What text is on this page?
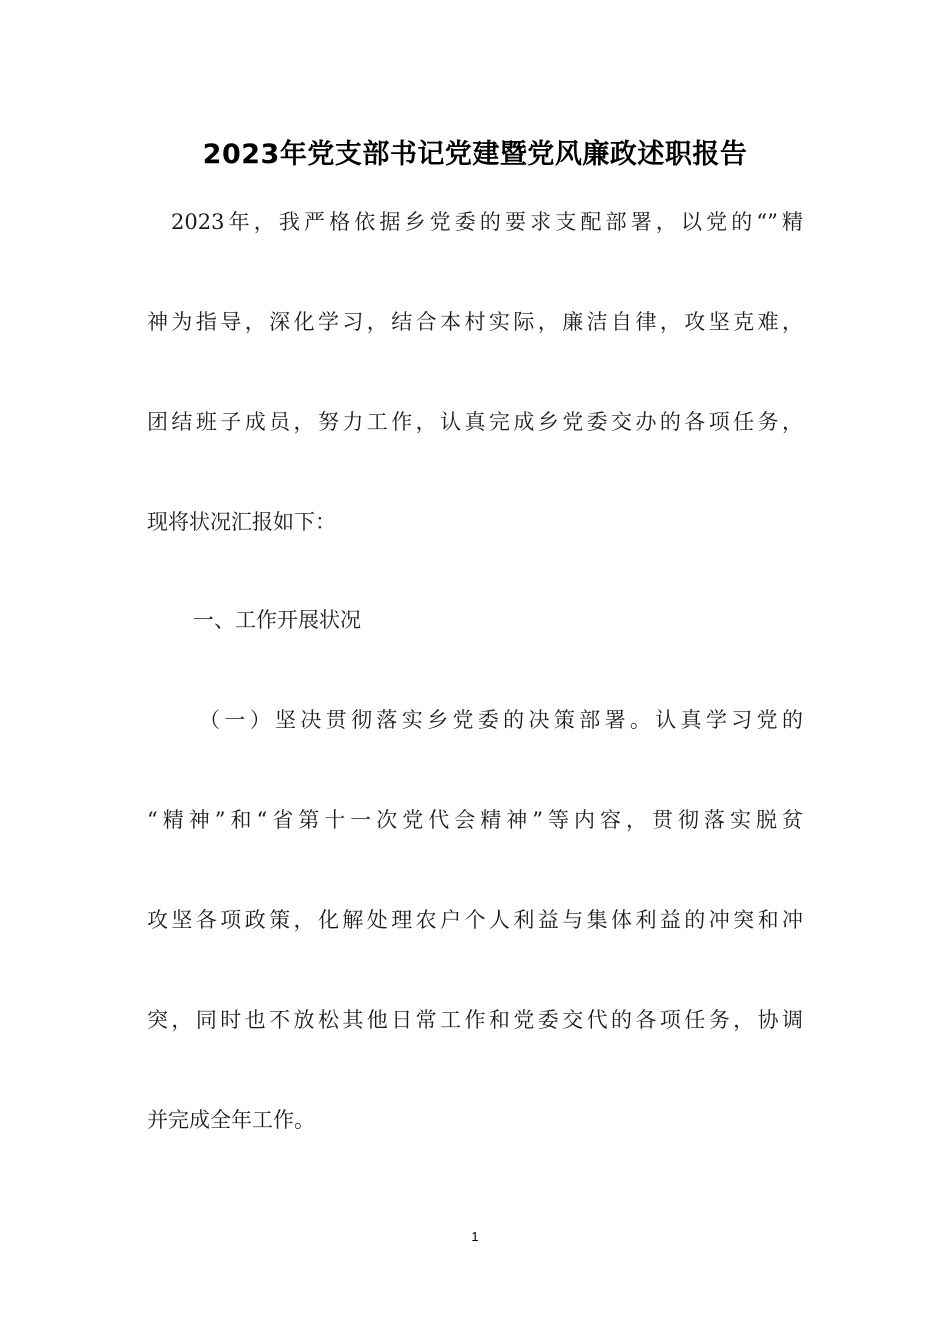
2023年党支部书记党建暨党风廉政述职报告
2023年，我严格依据乡党委的要求支配部署，以党的“”精
神为指导，深化学习，结合本村实际，廉洁自律，攻坚克难，
团结班子成员，努力工作，认真完成乡党委交办的各项任务，
现将状况汇报如下：
一、工作开展状况
（一）坚决贯彻落实乡党委的决策部署。认真学习党的
“精神”和“省第十一次党代会精神”等内容，贯彻落实脱贫
攻坚各项政策，化解处理农户个人利益与集体利益的冲突和冲
突，同时也不放松其他日常工作和党委交代的各项任务，协调
并完成全年工作。
1
